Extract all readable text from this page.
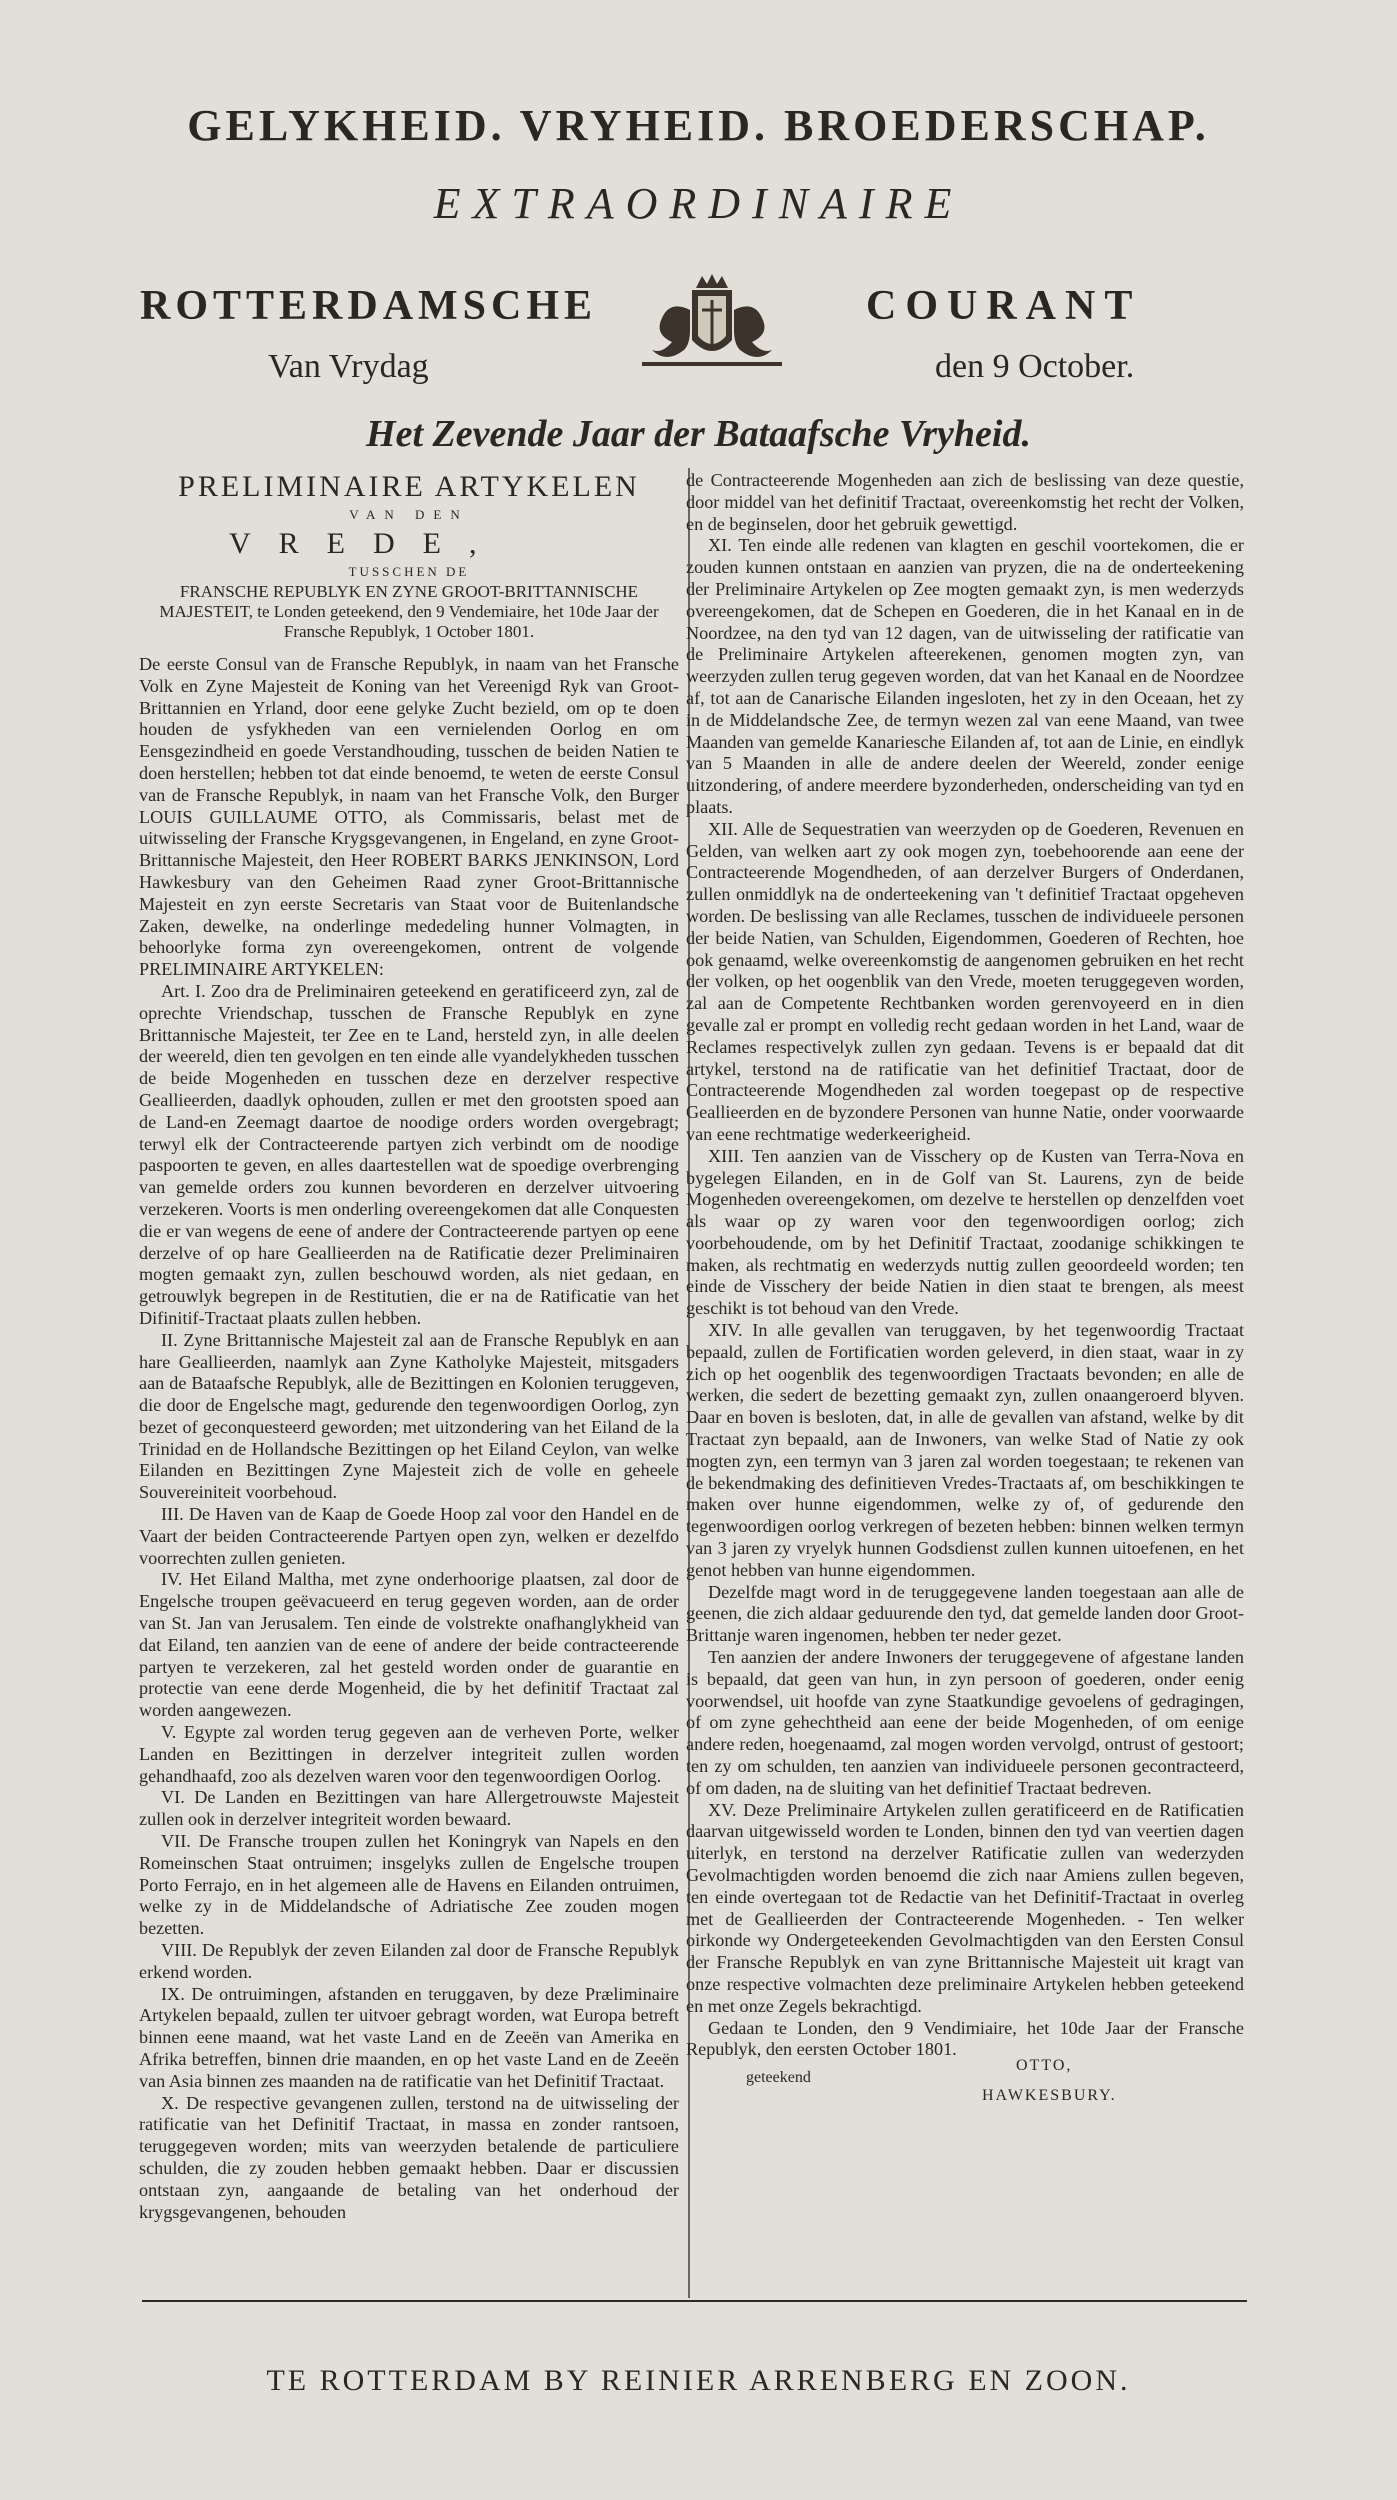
GELYKHEID. VRYHEID. BROEDERSCHAP.
EXTRAORDINAIRE
ROTTERDAMSCHE	COURANT
Van Vrydag	den 9 October.
Het Zevende Jaar der Bataafsche Vryheid.
PRELIMINAIRE ARTYKELEN
VAN DEN
VREDE,
TUSSCHEN DE
FRANSCHE REPUBLYK EN ZYNE GROOT-BRITTANNISCHE MAJESTEIT, te Londen geteekend, den 9 Vendemiaire, het 10de Jaar der Fransche Republyk, 1 October 1801.

De eerste Consul van de Fransche Republyk, in naam van het Fransche Volk en Zyne Majesteit de Koning van het Vereenigd Ryk van Groot-Brittannien en Yrland, door eene gelyke Zucht bezield, om op te doen houden de ysfykheden van een vernielenden Oorlog en om Eensgezindheid en goede Verstandhouding, tusschen de beiden Natien te doen herstellen; hebben tot dat einde benoemd, te weten de eerste Consul van de Fransche Republyk, in naam van het Fransche Volk, den Burger LOUIS GUILLAUME OTTO, als Commissaris, belast met de uitwisseling der Fransche Krygsgevangenen, in Engeland, en zyne Groot-Brittannische Majesteit, den Heer ROBERT BARKS JENKINSON, Lord Hawkesbury van den Geheimen Raad zyner Groot-Brittannische Majesteit en zyn eerste Secretaris van Staat voor de Buitenlandsche Zaken, dewelke, na onderlinge mededeling hunner Volmagten, in behoorlyke forma zyn overeengekomen, ontrent de volgende PRELIMINAIRE ARTYKELEN:

Art. I. Zoo dra de Preliminairen geteekend en geratificeerd zyn, zal de oprechte Vriendschap, tusschen de Fransche Republyk en zyne Brittannische Majesteit, ter Zee en te Land, hersteld zyn, in alle deelen der weereld, dien ten gevolgen en ten einde alle vyandelykheden tusschen de beide Mogenheden en tusschen deze en derzelver respective Geallieerden, daadlyk ophouden, zullen er met den grootsten spoed aan de Land-en Zeemagt daartoe de noodige orders worden overgebragt; terwyl elk der Contracteerende partyen zich verbindt om de noodige paspoorten te geven, en alles daartestellen wat de spoedige overbrenging van gemelde orders zou kunnen bevorderen en derzelver uitvoering verzekeren. Voorts is men onderling overeengekomen dat alle Conquesten die er van wegens de eene of andere der Contracteerende partyen op eene derzelve of op hare Geallieerden na de Ratificatie dezer Preliminairen mogten gemaakt zyn, zullen beschouwd worden, als niet gedaan, en getrouwlyk begrepen in de Restitutien, die er na de Ratificatie van het Difinitif-Tractaat plaats zullen hebben.

II. Zyne Brittannische Majesteit zal aan de Fransche Republyk en aan hare Geallieerden, naamlyk aan Zyne Katholyke Majesteit, mitsgaders aan de Bataafsche Republyk, alle de Bezittingen en Kolonien teruggeven, die door de Engelsche magt, gedurende den tegenwoordigen Oorlog, zyn bezet of geconquesteerd geworden; met uitzondering van het Eiland de la Trinidad en de Hollandsche Bezittingen op het Eiland Ceylon, van welke Eilanden en Bezittingen Zyne Majesteit zich de volle en geheele Souvereiniteit voorbehoud.

III. De Haven van de Kaap de Goede Hoop zal voor den Handel en de Vaart der beiden Contracteerende Partyen open zyn, welken er dezelfdo voorrechten zullen genieten.

IV. Het Eiland Maltha, met zyne onderhoorige plaatsen, zal door de Engelsche troupen geëvacueerd en terug gegeven worden, aan de order van St. Jan van Jerusalem. Ten einde de volstrekte onafhanglykheid van dat Eiland, ten aanzien van de eene of andere der beide contracteerende partyen te verzekeren, zal het gesteld worden onder de guarantie en protectie van eene derde Mogenheid, die by het definitif Tractaat zal worden aangewezen.

V. Egypte zal worden terug gegeven aan de verheven Porte, welker Landen en Bezittingen in derzelver integriteit zullen worden gehandhaafd, zoo als dezelven waren voor den tegenwoordigen Oorlog.

VI. De Landen en Bezittingen van hare Allergetrouwste Majesteit zullen ook in derzelver integriteit worden bewaard.

VII. De Fransche troupen zullen het Koningryk van Napels en den Romeinschen Staat ontruimen; insgelyks zullen de Engelsche troupen Porto Ferrajo, en in het algemeen alle de Havens en Eilanden ontruimen, welke zy in de Middelandsche of Adriatische Zee zouden mogen bezetten.

VIII. De Republyk der zeven Eilanden zal door de Fransche Republyk erkend worden.

IX. De ontruimingen, afstanden en teruggaven, by deze Præliminaire Artykelen bepaald, zullen ter uitvoer gebragt worden, wat Europa betreft binnen eene maand, wat het vaste Land en de Zeeën van Amerika en Afrika betreffen, binnen drie maanden, en op het vaste Land en de Zeeën van Asia binnen zes maanden na de ratificatie van het Definitif Tractaat.

X. De respective gevangenen zullen, terstond na de uitwisseling der ratificatie van het Definitif Tractaat, in massa en zonder rantsoen, teruggegeven worden; mits van weerzyden betalende de particuliere schulden, die zy zouden hebben gemaakt hebben. Daar er discussien ontstaan zyn, aangaande de betaling van het onderhoud der krygsgevangenen, behouden

de Contracteerende Mogenheden aan zich de beslissing van deze questie, door middel van het definitif Tractaat, overeenkomstig het recht der Volken, en de beginselen, door het gebruik gewettigd.

XI. Ten einde alle redenen van klagten en geschil voortekomen, die er zouden kunnen ontstaan en aanzien van pryzen, die na de onderteekening der Preliminaire Artykelen op Zee mogten gemaakt zyn, is men wederzyds overeengekomen, dat de Schepen en Goederen, die in het Kanaal en in de Noordzee, na den tyd van 12 dagen, van de uitwisseling der ratificatie van de Preliminaire Artykelen afteerekenen, genomen mogten zyn, van weerzyden zullen terug gegeven worden, dat van het Kanaal en de Noordzee af, tot aan de Canarische Eilanden ingesloten, het zy in den Oceaan, het zy in de Middelandsche Zee, de termyn wezen zal van eene Maand, van twee Maanden van gemelde Kanariesche Eilanden af, tot aan de Linie, en eindlyk van 5 Maanden in alle de andere deelen der Weereld, zonder eenige uitzondering, of andere meerdere byzonderheden, onderscheiding van tyd en plaats.

XII. Alle de Sequestratien van weerzyden op de Goederen, Revenuen en Gelden, van welken aart zy ook mogen zyn, toebehoorende aan eene der Contracteerende Mogendheden, of aan derzelver Burgers of Onderdanen, zullen onmiddlyk na de onderteekening van 't definitief Tractaat opgeheven worden. De beslissing van alle Reclames, tusschen de individueele personen der beide Natien, van Schulden, Eigendommen, Goederen of Rechten, hoe ook genaamd, welke overeenkomstig de aangenomen gebruiken en het recht der volken, op het oogenblik van den Vrede, moeten teruggegeven worden, zal aan de Competente Rechtbanken worden gerenvoyeerd en in dien gevalle zal er prompt en volledig recht gedaan worden in het Land, waar de Reclames respectivelyk zullen zyn gedaan. Tevens is er bepaald dat dit artykel, terstond na de ratificatie van het definitief Tractaat, door de Contracteerende Mogendheden zal worden toegepast op de respective Geallieerden en de byzondere Personen van hunne Natie, onder voorwaarde van eene rechtmatige wederkeerigheid.

XIII. Ten aanzien van de Visschery op de Kusten van Terra-Nova en bygelegen Eilanden, en in de Golf van St. Laurens, zyn de beide Mogenheden overeengekomen, om dezelve te herstellen op denzelfden voet als waar op zy waren voor den tegenwoordigen oorlog; zich voorbehoudende, om by het Definitif Tractaat, zoodanige schikkingen te maken, als rechtmatig en wederzyds nuttig zullen geoordeeld worden; ten einde de Visschery der beide Natien in dien staat te brengen, als meest geschikt is tot behoud van den Vrede.

XIV. In alle gevallen van teruggaven, by het tegenwoordig Tractaat bepaald, zullen de Fortificatien worden geleverd, in dien staat, waar in zy zich op het oogenblik des tegenwoordigen Tractaats bevonden; en alle de werken, die sedert de bezetting gemaakt zyn, zullen onaangeroerd blyven. Daar en boven is besloten, dat, in alle de gevallen van afstand, welke by dit Tractaat zyn bepaald, aan de Inwoners, van welke Stad of Natie zy ook mogten zyn, een termyn van 3 jaren zal worden toegestaan; te rekenen van de bekendmaking des definitieven Vredes-Tractaats af, om beschikkingen te maken over hunne eigendommen, welke zy of, of gedurende den tegenwoordigen oorlog verkregen of bezeten hebben: binnen welken termyn van 3 jaren zy vryelyk hunnen Godsdienst zullen kunnen uitoefenen, en het genot hebben van hunne eigendommen.

Dezelfde magt word in de teruggegevene landen toegestaan aan alle de geenen, die zich aldaar geduurende den tyd, dat gemelde landen door Groot-Brittanje waren ingenomen, hebben ter neder gezet.

Ten aanzien der andere Inwoners der teruggegevene of afgestane landen is bepaald, dat geen van hun, in zyn persoon of goederen, onder eenig voorwendsel, uit hoofde van zyne Staatkundige gevoelens of gedragingen, of om zyne gehechtheid aan eene der beide Mogenheden, of om eenige andere reden, hoegenaamd, zal mogen worden vervolgd, ontrust of gestoort; ten zy om schulden, ten aanzien van individueele personen gecontracteerd, of om daden, na de sluiting van het definitief Tractaat bedreven.

XV. Deze Preliminaire Artykelen zullen geratificeerd en de Ratificatien daarvan uitgewisseld worden te Londen, binnen den tyd van veertien dagen uiterlyk, en terstond na derzelver Ratificatie zullen van wederzyden Gevolmachtigden worden benoemd die zich naar Amiens zullen begeven, ten einde overtegaan tot de Redactie van het Definitif-Tractaat in overleg met de Geallieerden der Contracteerende Mogenheden. - Ten welker oirkonde wy Ondergeteekenden Gevolmachtigden van den Eersten Consul der Fransche Republyk en van zyne Brittannische Majesteit uit kragt van onze respective volmachten deze preliminaire Artykelen hebben geteekend en met onze Zegels bekrachtigd.

Gedaan te Londen, den 9 Vendimiaire, het 10de Jaar der Fransche Republyk, den eersten October 1801.

geteekend
OTTO,
HAWKESBURY.
TE ROTTERDAM BY REINIER ARRENBERG EN ZOON.
